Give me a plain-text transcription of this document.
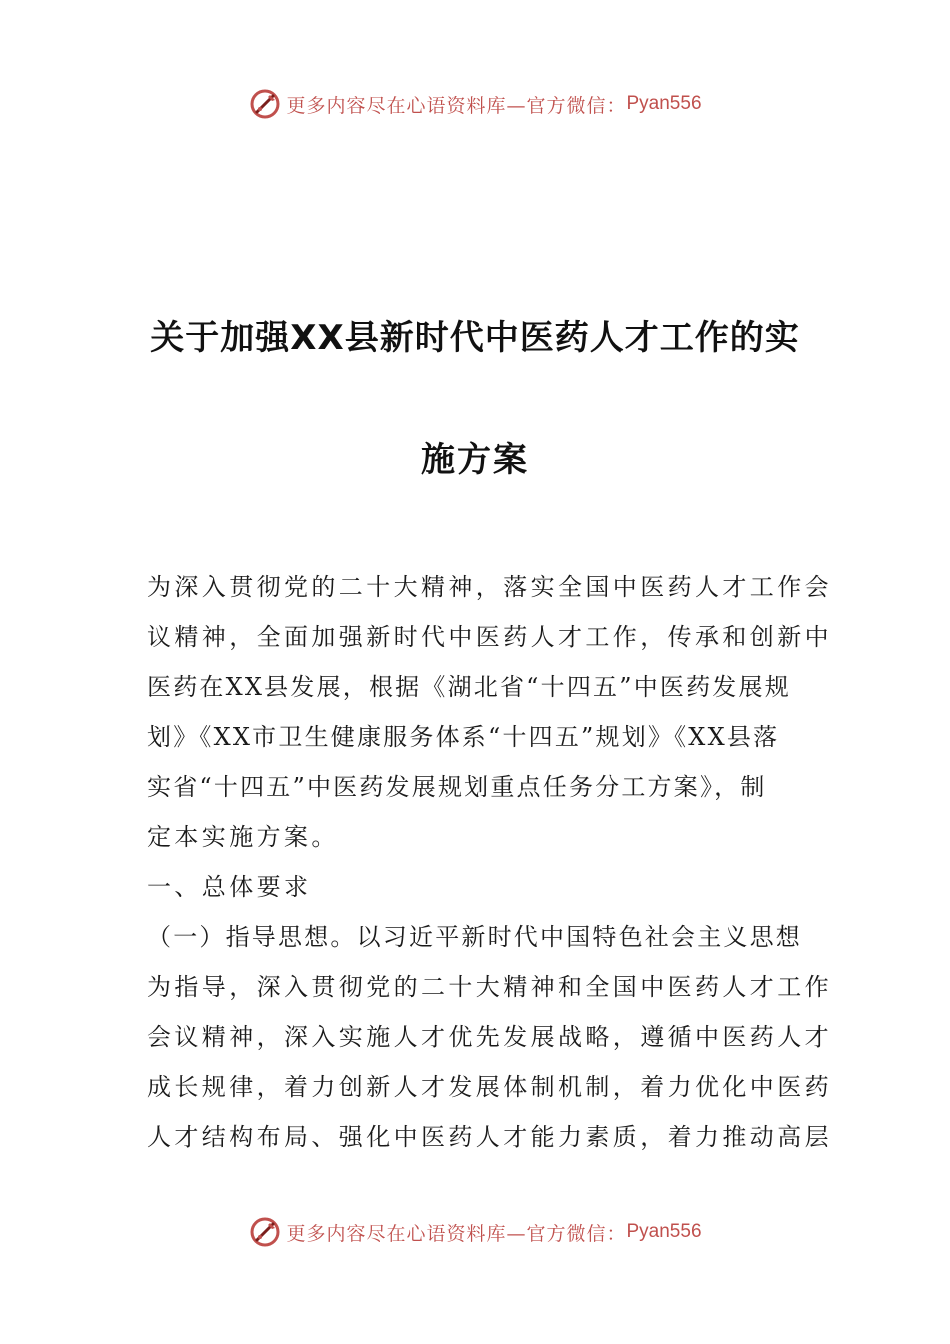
更多内容尽在心语资料库—官方微信： Pyan556
关于加强XX县新时代中医药人才工作的实
施方案
为深入贯彻党的二十大精神，落实全国中医药人才工作会
议精神，全面加强新时代中医药人才工作，传承和创新中
医药在XX县发展，根据《湖北省“十四五”中医药发展规
划》《XX市卫生健康服务体系“十四五”规划》《XX县落
实省“十四五”中医药发展规划重点任务分工方案》，制
定本实施方案。
一、总体要求
（一）指导思想。以习近平新时代中国特色社会主义思想
为指导，深入贯彻党的二十大精神和全国中医药人才工作
会议精神，深入实施人才优先发展战略，遵循中医药人才
成长规律，着力创新人才发展体制机制，着力优化中医药
人才结构布局、强化中医药人才能力素质，着力推动高层
更多内容尽在心语资料库—官方微信： Pyan556
